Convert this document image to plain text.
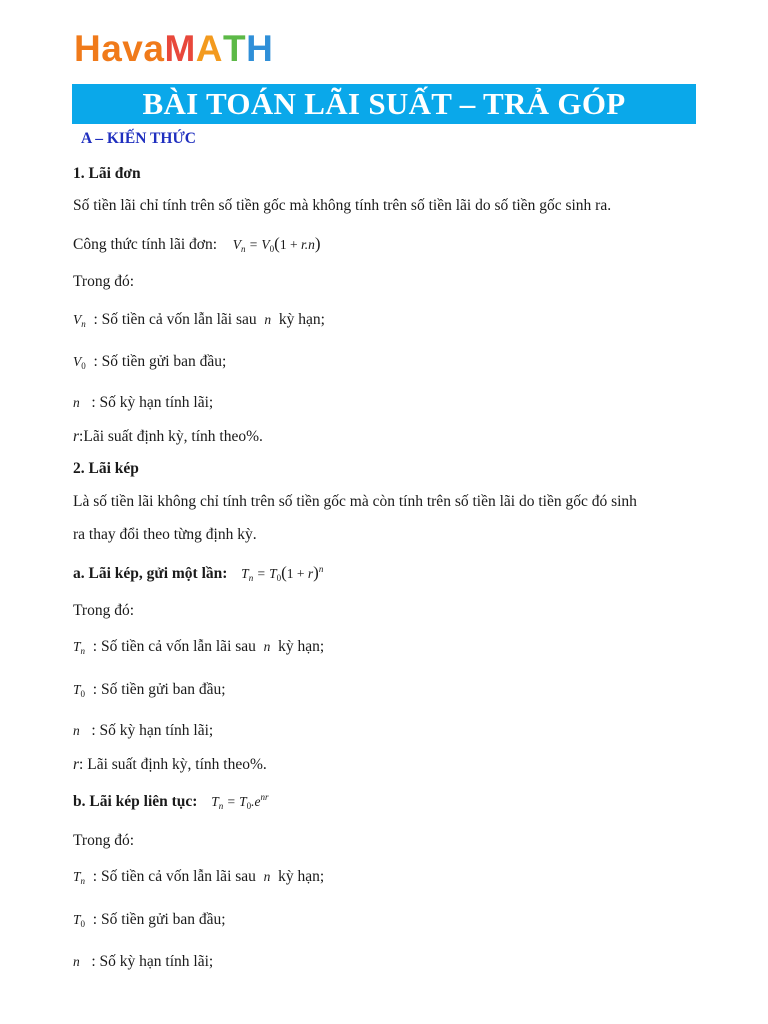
HavaMATH
BÀI TOÁN LÃI SUẤT – TRẢ GÓP
A – KIẾN THỨC
1. Lãi đơn
Số tiền lãi chỉ tính trên số tiền gốc mà không tính trên số tiền lãi do số tiền gốc sinh ra.
Công thức tính lãi đơn: $V_n = V_0(1 + r.n)$
Trong đó:
$V_n$ : Số tiền cả vốn lẫn lãi sau n kỳ hạn;
$V_0$ : Số tiền gửi ban đầu;
n : Số kỳ hạn tính lãi;
r:Lãi suất định kỳ, tính theo%.
2. Lãi kép
Là số tiền lãi không chỉ tính trên số tiền gốc mà còn tính trên số tiền lãi do tiền gốc đó sinh
ra thay đổi theo từng định kỳ.
a. Lãi kép, gửi một lần: $T_n = T_0(1 + r)^n$
Trong đó:
$T_n$ : Số tiền cả vốn lẫn lãi sau n kỳ hạn;
$T_0$ : Số tiền gửi ban đầu;
n : Số kỳ hạn tính lãi;
r: Lãi suất định kỳ, tính theo%.
b. Lãi kép liên tục: $T_n = T_0.e^{nr}$
Trong đó:
$T_n$ : Số tiền cả vốn lẫn lãi sau n kỳ hạn;
$T_0$ : Số tiền gửi ban đầu;
n : Số kỳ hạn tính lãi;
